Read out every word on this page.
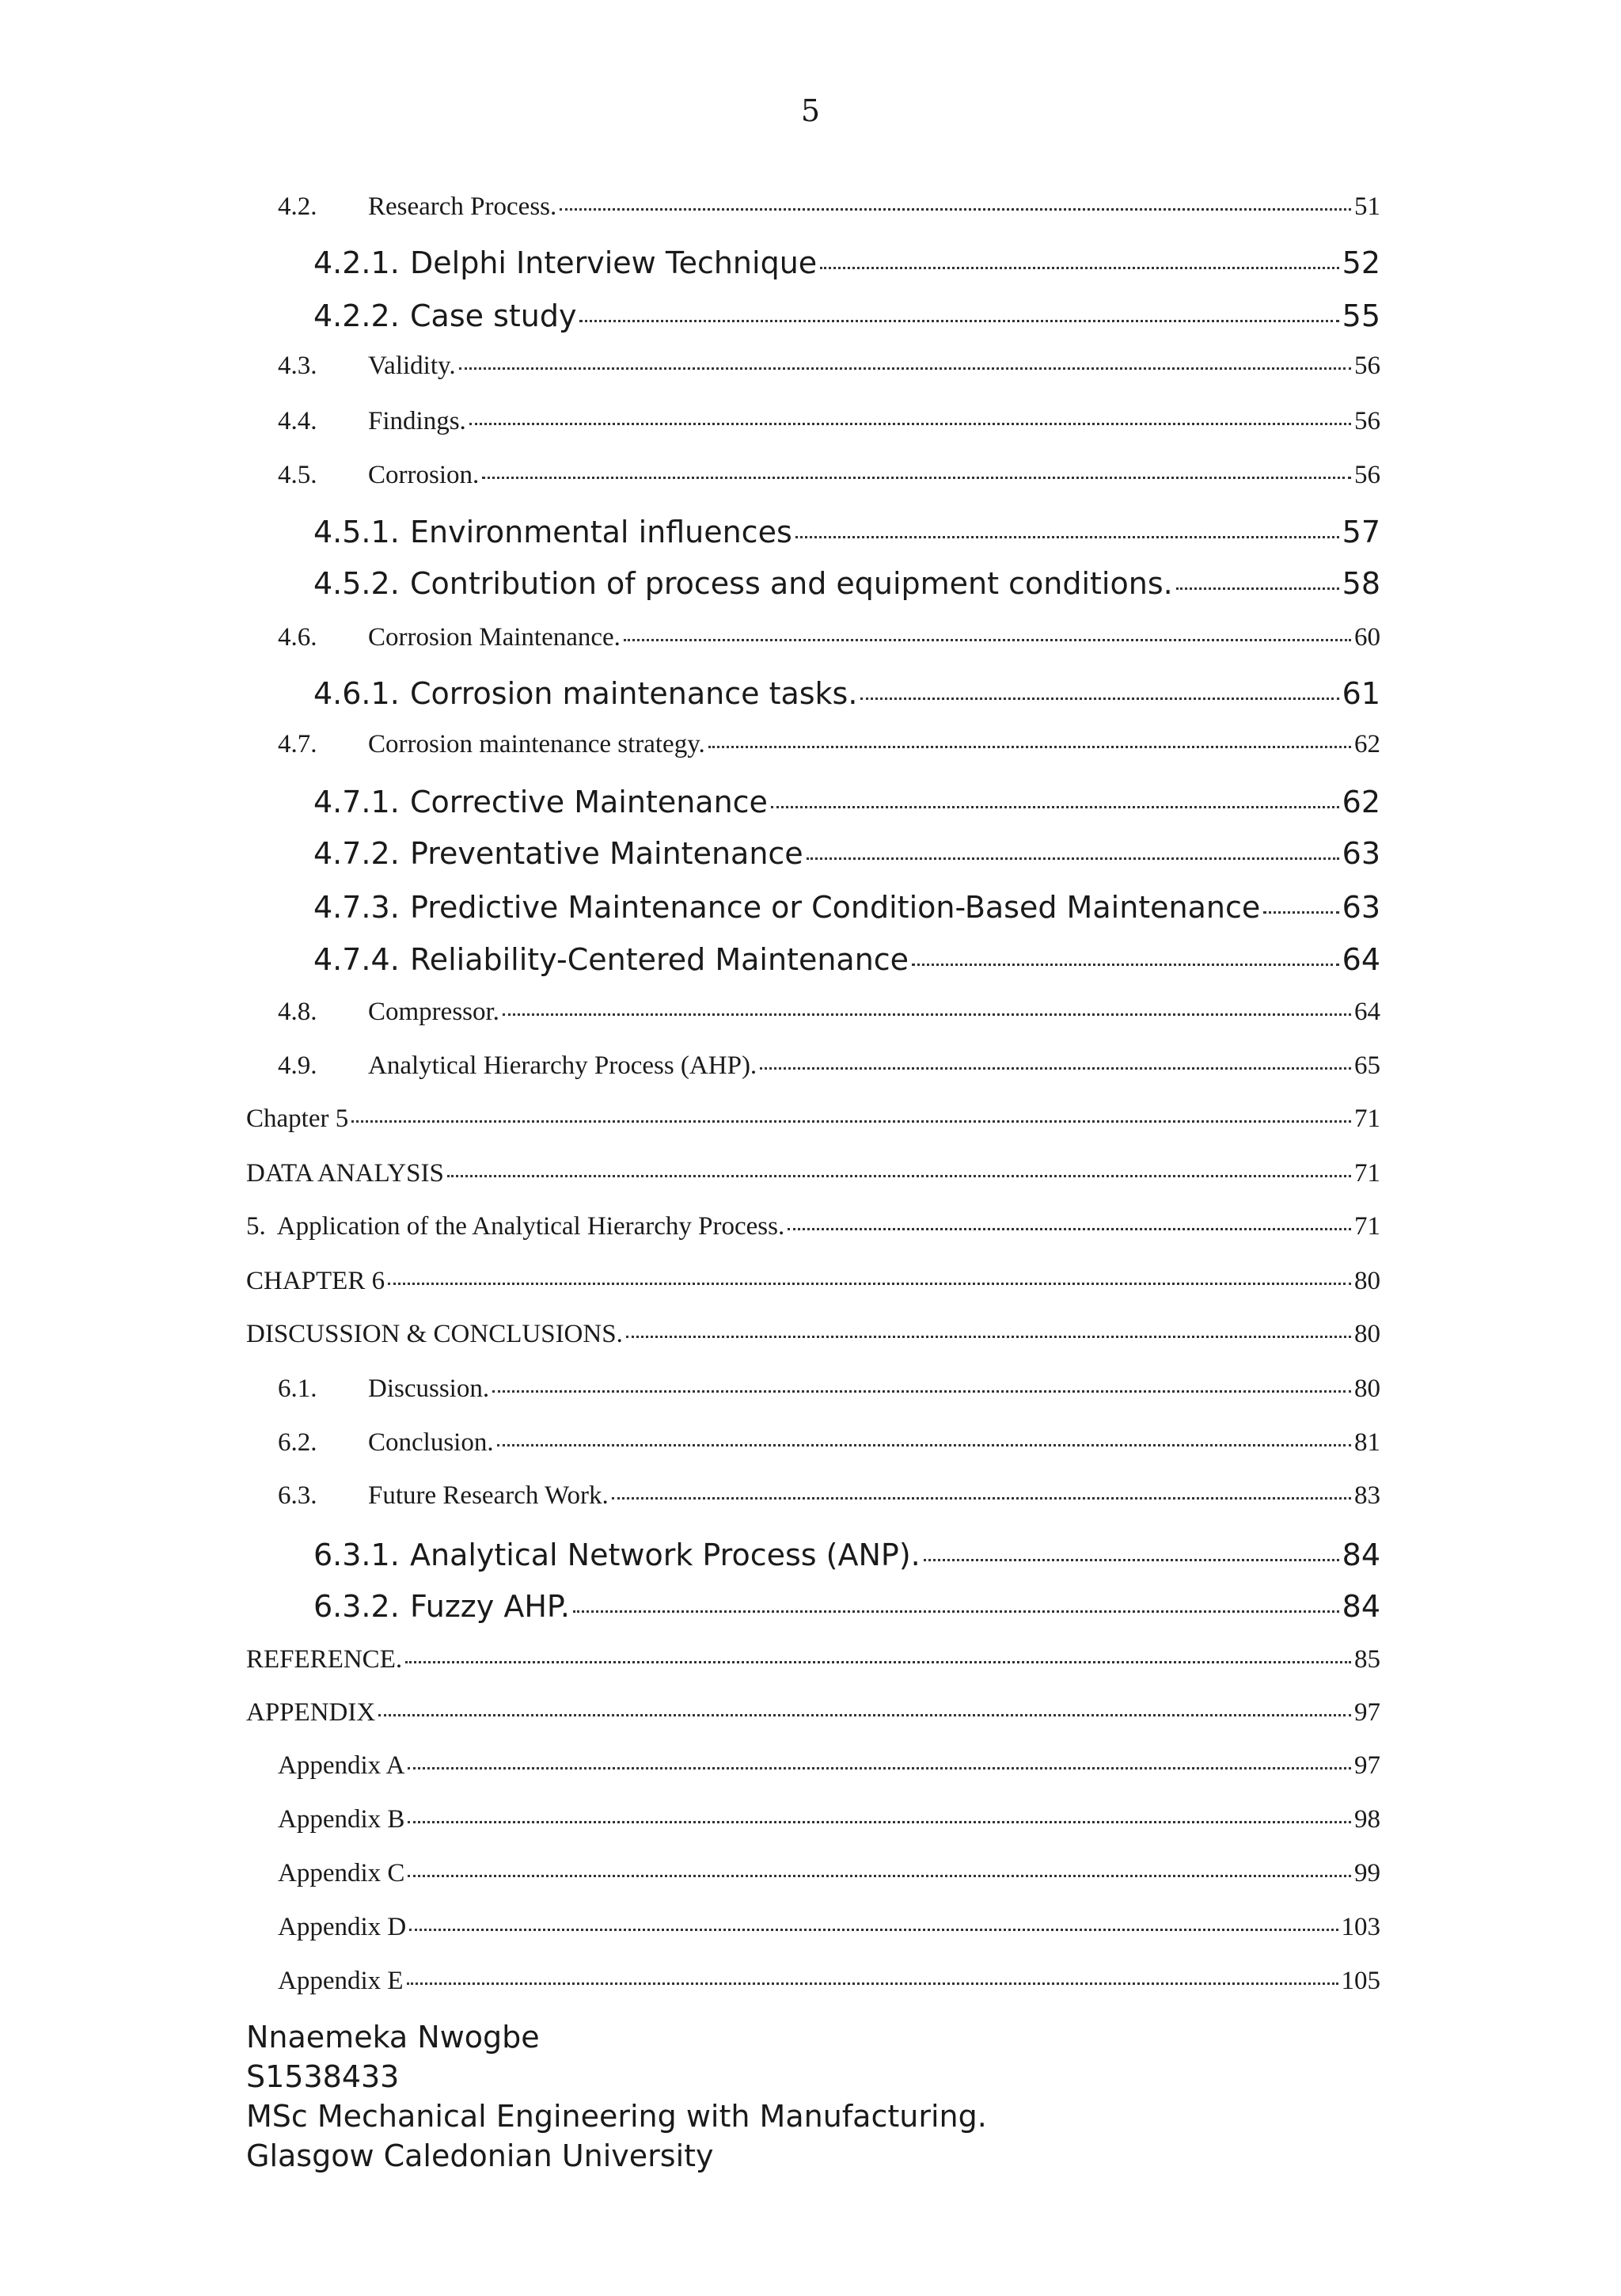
5
4.2.	Research Process.	51
4.2.1. Delphi Interview Technique	52
4.2.2. Case study	55
4.3.	Validity.	56
4.4.	Findings.	56
4.5.	Corrosion.	56
4.5.1. Environmental influences	57
4.5.2. Contribution of process and equipment conditions.	58
4.6.	Corrosion Maintenance.	60
4.6.1. Corrosion maintenance tasks.	61
4.7.	Corrosion maintenance strategy.	62
4.7.1. Corrective Maintenance	62
4.7.2. Preventative Maintenance	63
4.7.3. Predictive Maintenance or Condition-Based Maintenance	63
4.7.4. Reliability-Centered Maintenance	64
4.8.	Compressor.	64
4.9.	Analytical Hierarchy Process (AHP).	65
Chapter 5	71
DATA ANALYSIS	71
5. Application of the Analytical Hierarchy Process.	71
CHAPTER 6	80
DISCUSSION & CONCLUSIONS.	80
6.1.	Discussion.	80
6.2.	Conclusion.	81
6.3.	Future Research Work.	83
6.3.1. Analytical Network Process (ANP).	84
6.3.2. Fuzzy AHP.	84
REFERENCE.	85
APPENDIX	97
Appendix A	97
Appendix B	98
Appendix C	99
Appendix D	103
Appendix E	105
Nnaemeka Nwogbe
S1538433
MSc Mechanical Engineering with Manufacturing.
Glasgow Caledonian University
